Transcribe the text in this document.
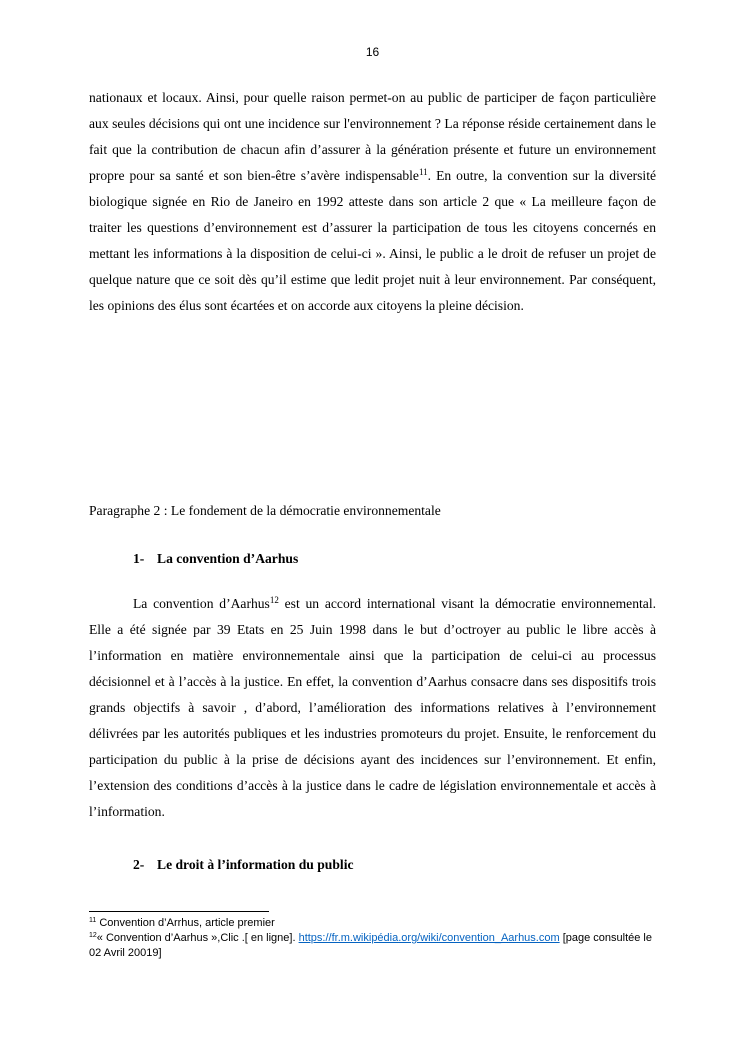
16

nationaux et locaux. Ainsi, pour quelle raison permet-on au public de participer de façon particulière aux seules décisions qui ont une incidence sur l'environnement ? La réponse réside certainement dans le fait que la contribution de chacun afin d’assurer à la génération présente et future un environnement propre pour sa santé et son bien-être s’avère indispensable$^{11}$. En outre, la convention sur la diversité biologique signée en Rio de Janeiro en 1992 atteste dans son article 2 que « La meilleure façon de traiter les questions d’environnement est d’assurer la participation de tous les citoyens concernés en mettant les informations à la disposition de celui-ci ». Ainsi, le public a le droit de refuser un projet de quelque nature que ce soit dès qu’il estime que ledit projet nuit à leur environnement. Par conséquent, les opinions des élus sont écartées et on accorde aux citoyens la pleine décision.

Paragraphe 2 : Le fondement de la démocratie environnementale

1- La convention d’Aarhus

La convention d’Aarhus$^{12}$ est un accord international visant la démocratie environnemental. Elle a été signée par 39 Etats en 25 Juin 1998 dans le but d’octroyer au public le libre accès à l’information en matière environnementale ainsi que la participation de celui-ci au processus décisionnel et à l’accès à la justice. En effet, la convention d’Aarhus consacre dans ses dispositifs trois grands objectifs à savoir , d’abord, l’amélioration des informations relatives à l’environnement délivrées par les autorités publiques et les industries promoteurs du projet. Ensuite, le renforcement du participation du public à la prise de décisions ayant des incidences sur l’environnement. Et enfin, l’extension des conditions d’accès à la justice dans le cadre de législation environnementale et accès à l’information.

2- Le droit à l’information du public

$^{11}$ Convention d’Arrhus, article premier

$^{12}$« Convention d’Aarhus »,Clic .[ en ligne]. https://fr.m.wikipédia.org/wiki/convention_Aarhus.com [page consultée le 02 Avril 20019]
